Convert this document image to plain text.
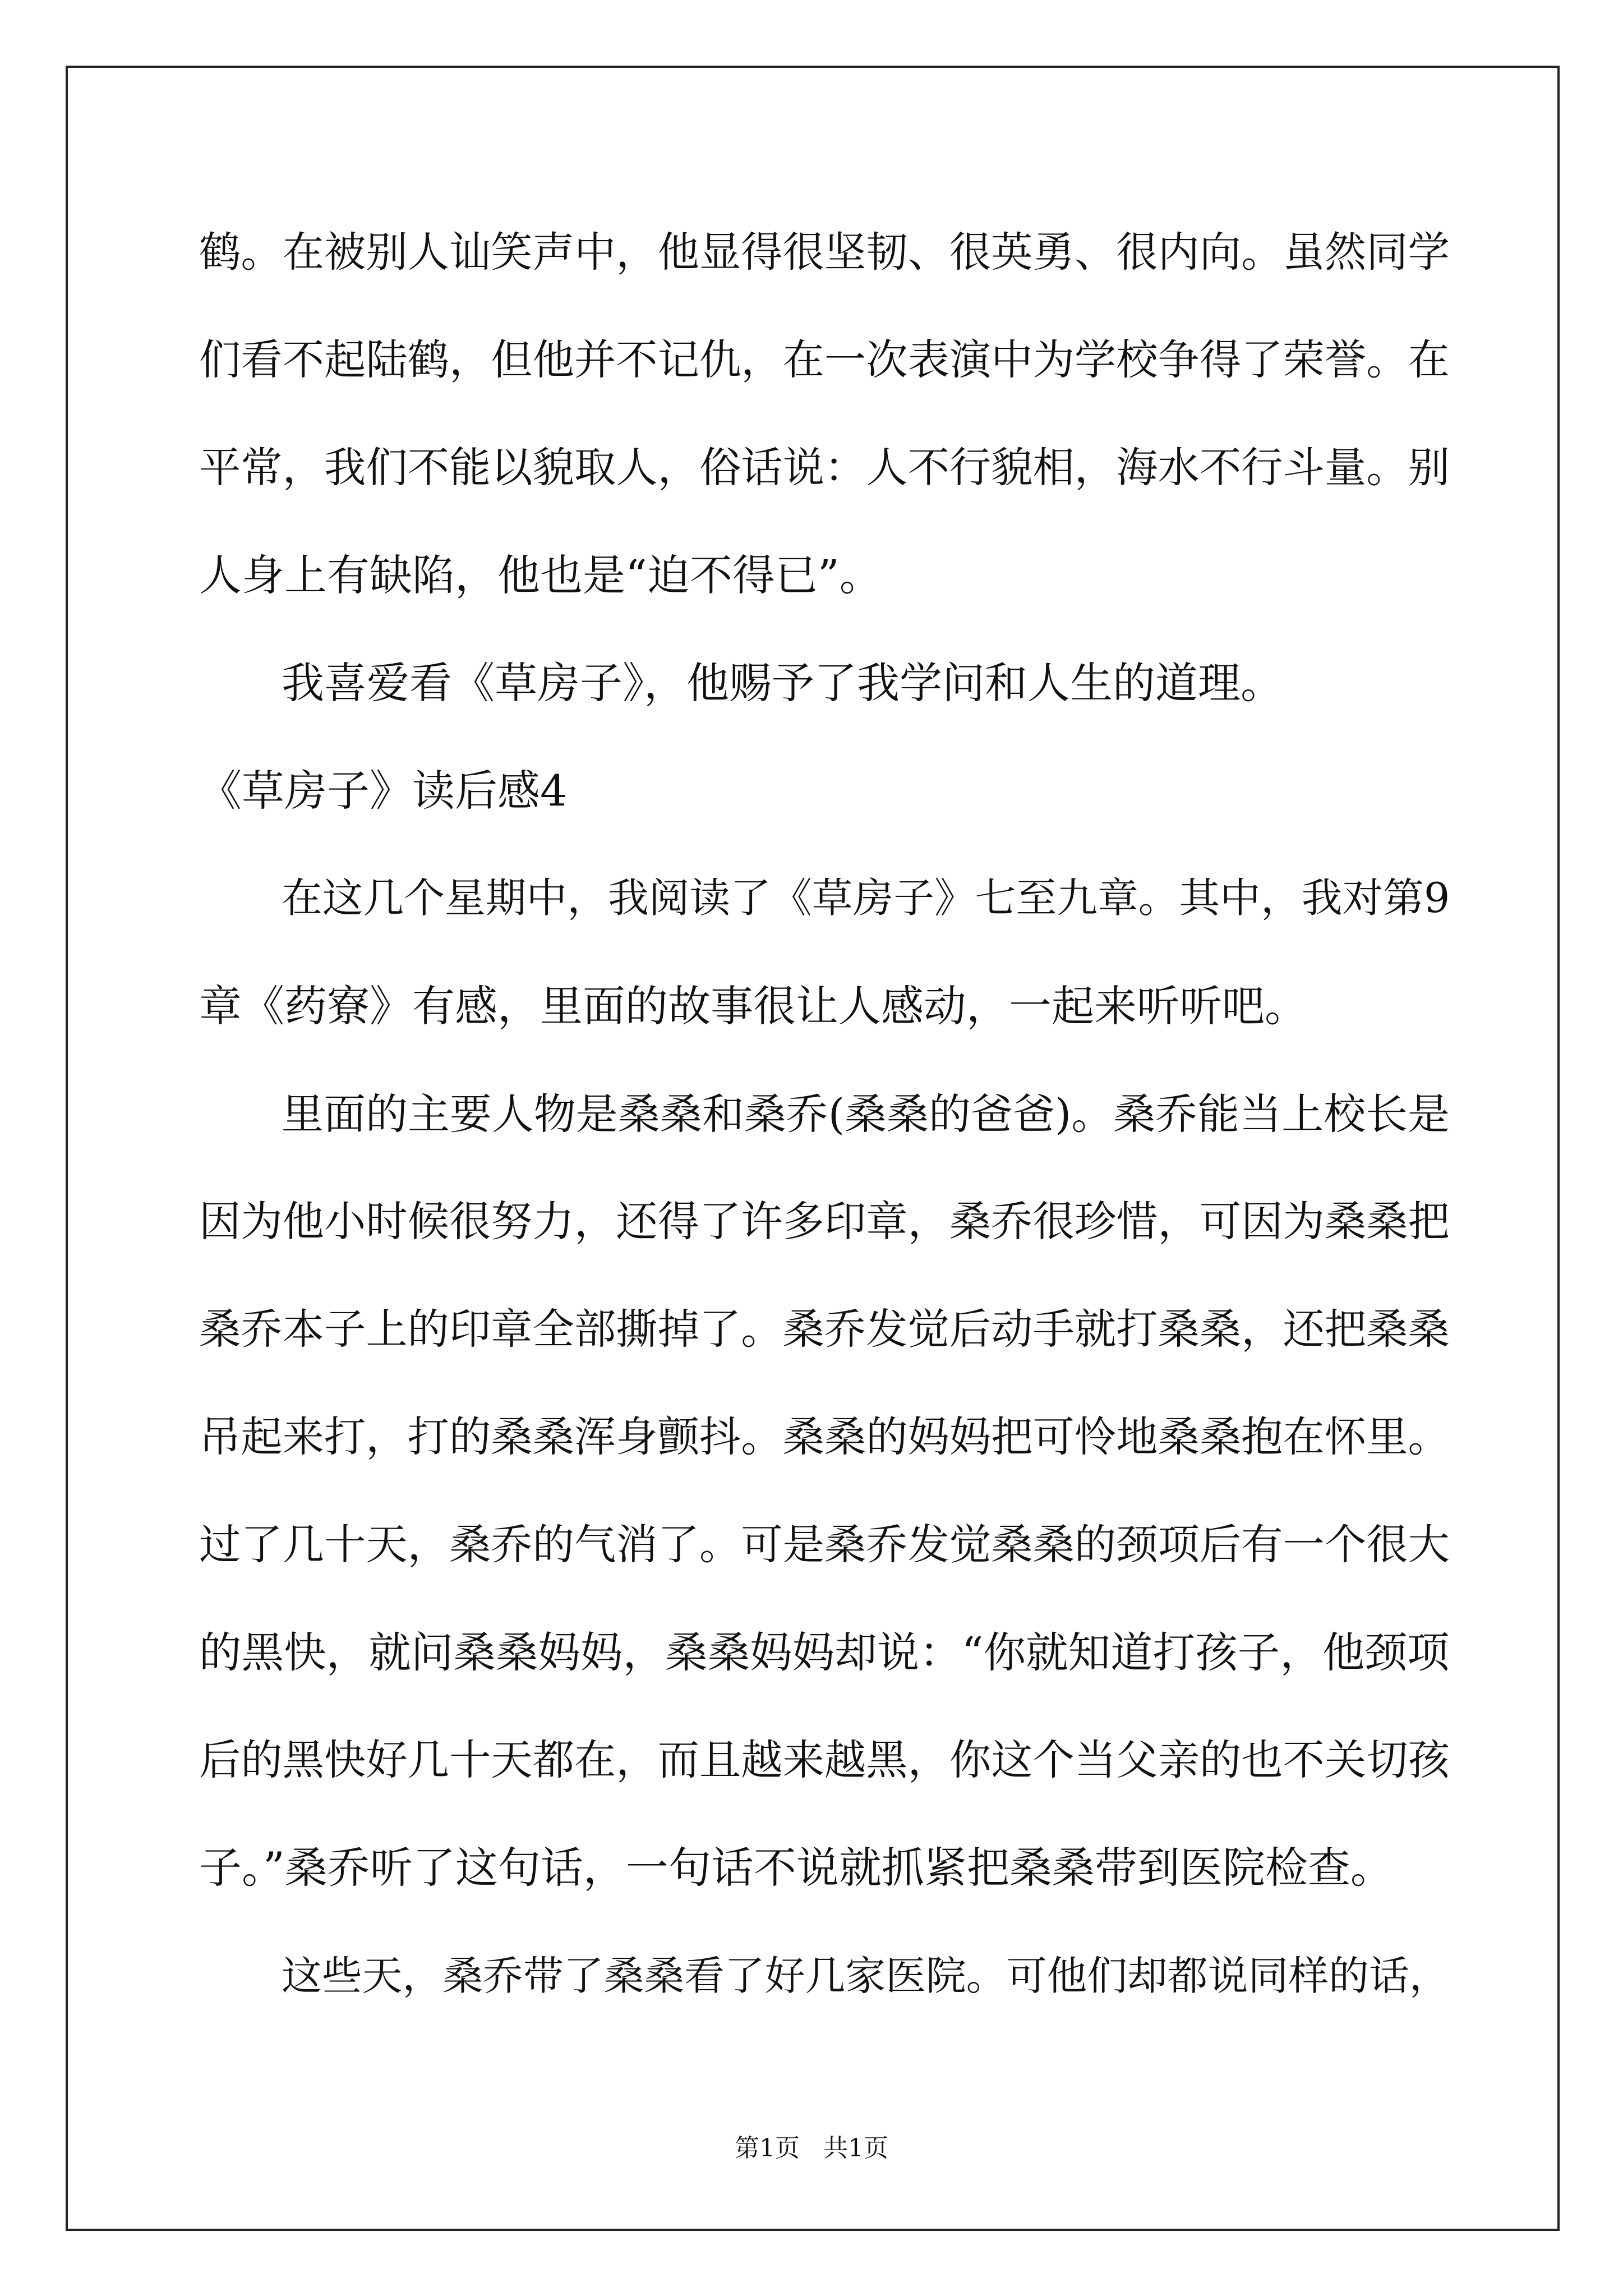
鹤。在被别人讪笑声中，他显得很坚韧、很英勇、很内向。虽然同学

们看不起陆鹤，但他并不记仇，在一次表演中为学校争得了荣誉。在

平常，我们不能以貌取人，俗话说：人不行貌相，海水不行斗量。别

人身上有缺陷，他也是“迫不得已”。

我喜爱看《草房子》，他赐予了我学问和人生的道理。

《草房子》读后感4

在这几个星期中，我阅读了《草房子》七至九章。其中，我对第9

章《药寮》有感，里面的故事很让人感动，一起来听听吧。

里面的主要人物是桑桑和桑乔(桑桑的爸爸)。桑乔能当上校长是

因为他小时候很努力，还得了许多印章，桑乔很珍惜，可因为桑桑把

桑乔本子上的印章全部撕掉了。桑乔发觉后动手就打桑桑，还把桑桑

吊起来打，打的桑桑浑身颤抖。桑桑的妈妈把可怜地桑桑抱在怀里。

过了几十天，桑乔的气消了。可是桑乔发觉桑桑的颈项后有一个很大

的黑快，就问桑桑妈妈，桑桑妈妈却说：“你就知道打孩子，他颈项

后的黑快好几十天都在，而且越来越黑，你这个当父亲的也不关切孩

子。”桑乔听了这句话，一句话不说就抓紧把桑桑带到医院检查。

这些天，桑乔带了桑桑看了好几家医院。可他们却都说同样的话，

第1页   共1页
